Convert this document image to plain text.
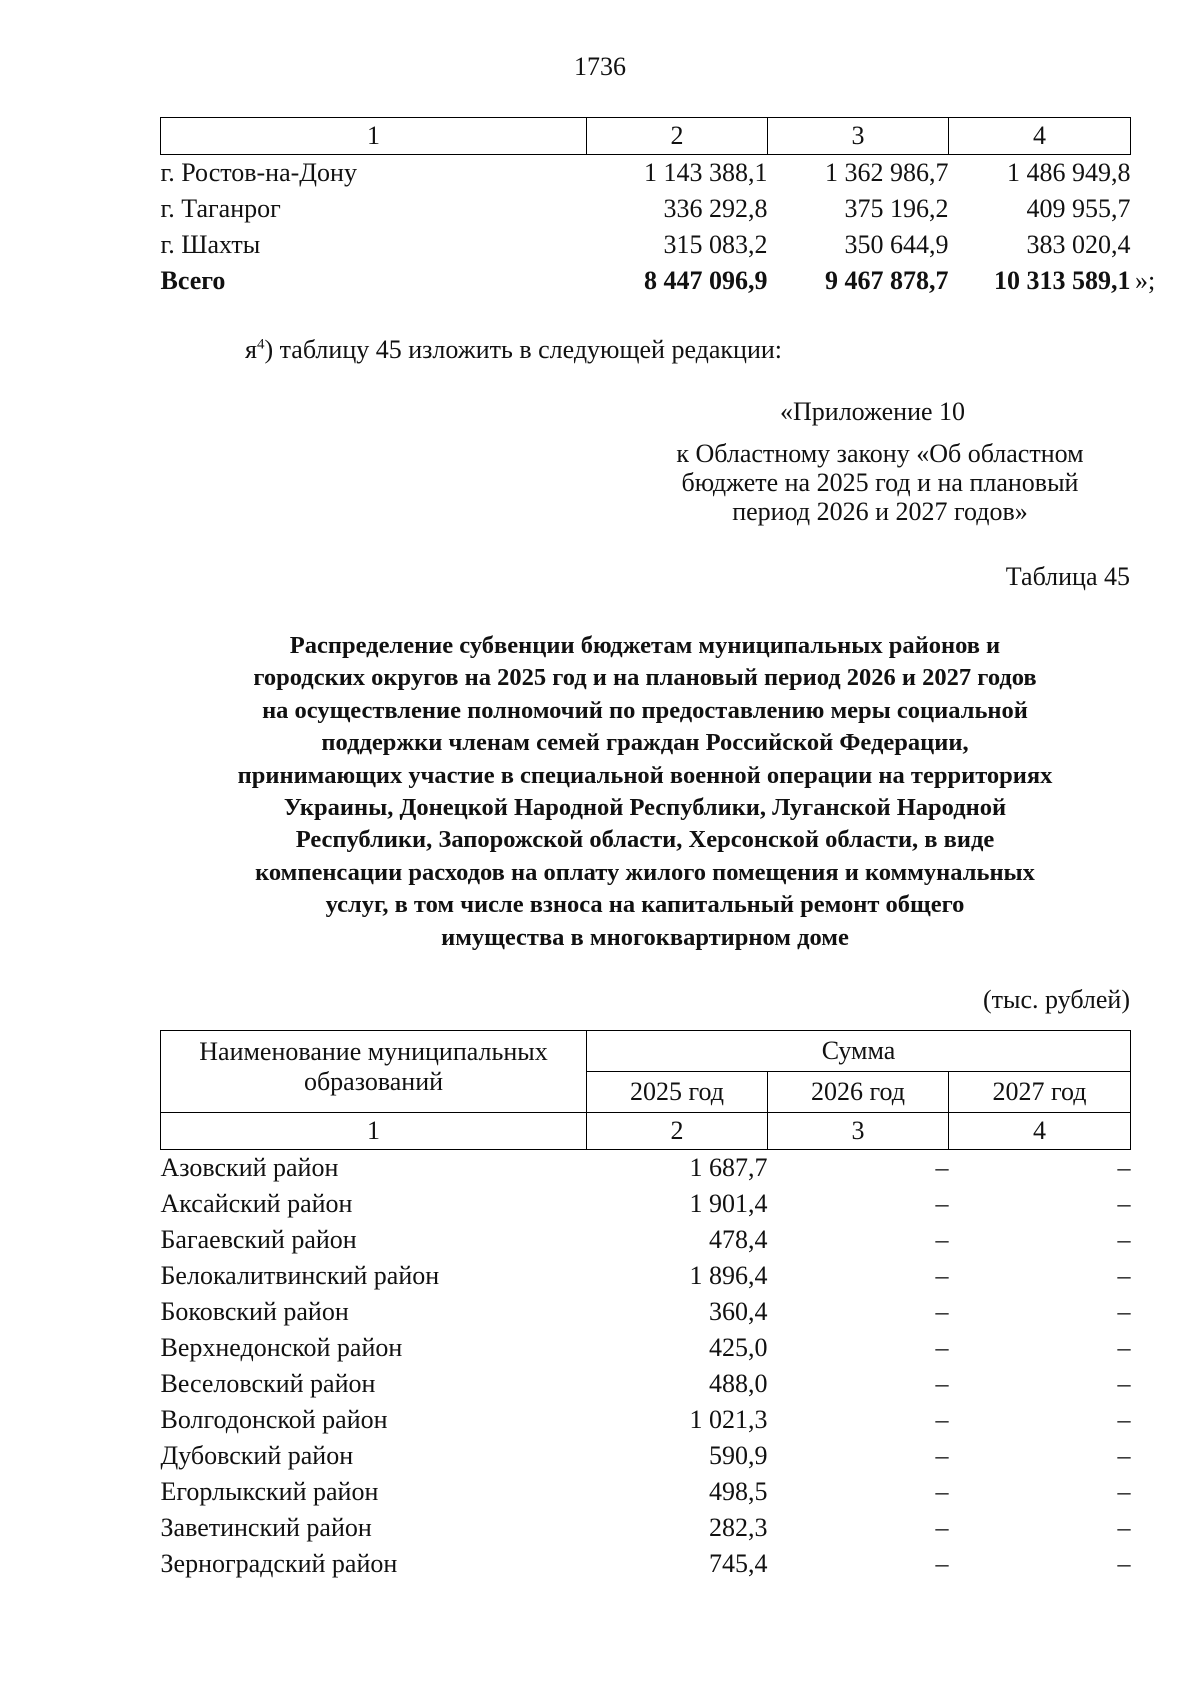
1736
1	2	3	4
г. Ростов-на-Дону	1 143 388,1	1 362 986,7	1 486 949,8
г. Таганрог	336 292,8	375 196,2	409 955,7
г. Шахты	315 083,2	350 644,9	383 020,4
Всего	8 447 096,9	9 467 878,7	10 313 589,1 »;
$я^4$) таблицу 45 изложить в следующей редакции:
«Приложение 10
к Областному закону «Об областном
бюджете на 2025 год и на плановый
период 2026 и 2027 годов»
Таблица 45
Распределение субвенции бюджетам муниципальных районов и
городских округов на 2025 год и на плановый период 2026 и 2027 годов
на осуществление полномочий по предоставлению меры социальной
поддержки членам семей граждан Российской Федерации,
принимающих участие в специальной военной операции на территориях
Украины, Донецкой Народной Республики, Луганской Народной
Республики, Запорожской области, Херсонской области, в виде
компенсации расходов на оплату жилого помещения и коммунальных
услуг, в том числе взноса на капитальный ремонт общего
имущества в многоквартирном доме
(тыс. рублей)
Наименование муниципальных образований	Сумма		
	2025 год	2026 год	2027 год
1	2	3	4
Азовский район	1 687,7	–	–
Аксайский район	1 901,4	–	–
Багаевский район	478,4	–	–
Белокалитвинский район	1 896,4	–	–
Боковский район	360,4	–	–
Верхнедонской район	425,0	–	–
Веселовский район	488,0	–	–
Волгодонской район	1 021,3	–	–
Дубовский район	590,9	–	–
Егорлыкский район	498,5	–	–
Заветинский район	282,3	–	–
Зерноградский район	745,4	–	–
